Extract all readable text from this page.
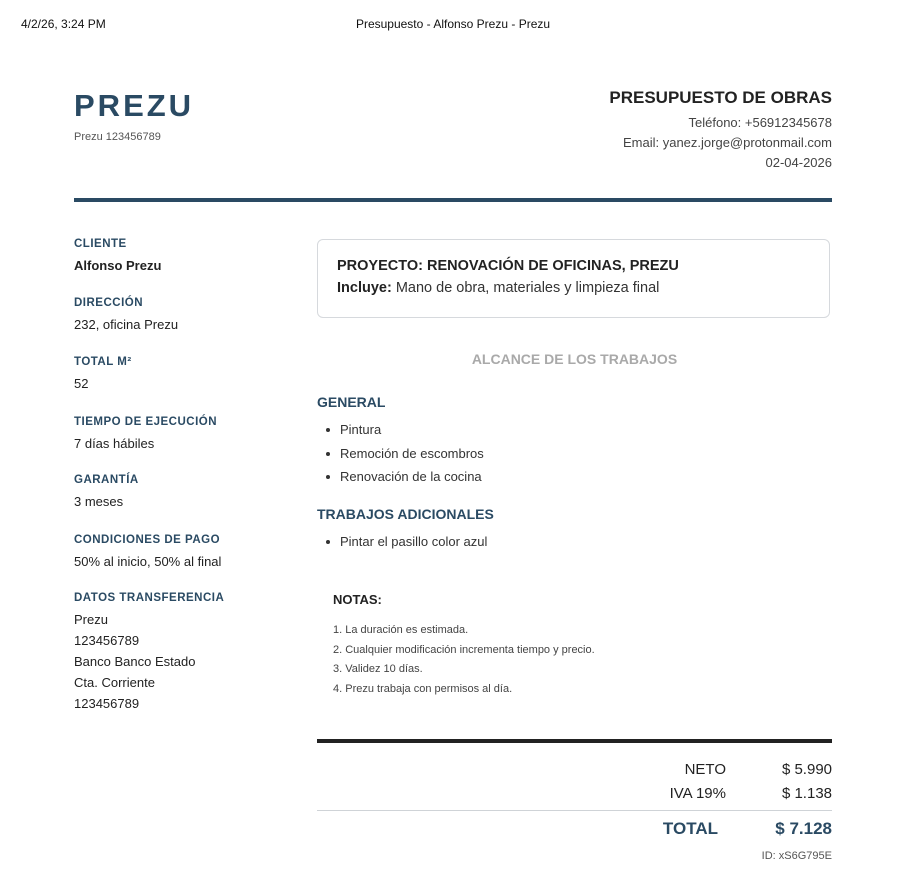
4/2/26, 3:24 PM	Presupuesto - Alfonso Prezu - Prezu
PREZU
Prezu 123456789
PRESUPUESTO DE OBRAS
Teléfono: +56912345678
Email: yanez.jorge@protonmail.com
02-04-2026
CLIENTE
Alfonso Prezu
DIRECCIÓN
232, oficina Prezu
TOTAL M²
52
TIEMPO DE EJECUCIÓN
7 días hábiles
GARANTÍA
3 meses
CONDICIONES DE PAGO
50% al inicio, 50% al final
DATOS TRANSFERENCIA
Prezu
123456789
Banco Banco Estado
Cta. Corriente
123456789
PROYECTO: RENOVACIÓN DE OFICINAS, PREZU
Incluye: Mano de obra, materiales y limpieza final
ALCANCE DE LOS TRABAJOS
GENERAL
Pintura
Remoción de escombros
Renovación de la cocina
TRABAJOS ADICIONALES
Pintar el pasillo color azul
NOTAS:
1. La duración es estimada.
2. Cualquier modificación incrementa tiempo y precio.
3. Validez 10 días.
4. Prezu trabaja con permisos al día.
NETO	$ 5.990
IVA 19%	$ 1.138
TOTAL	$ 7.128
ID: xS6G795E
